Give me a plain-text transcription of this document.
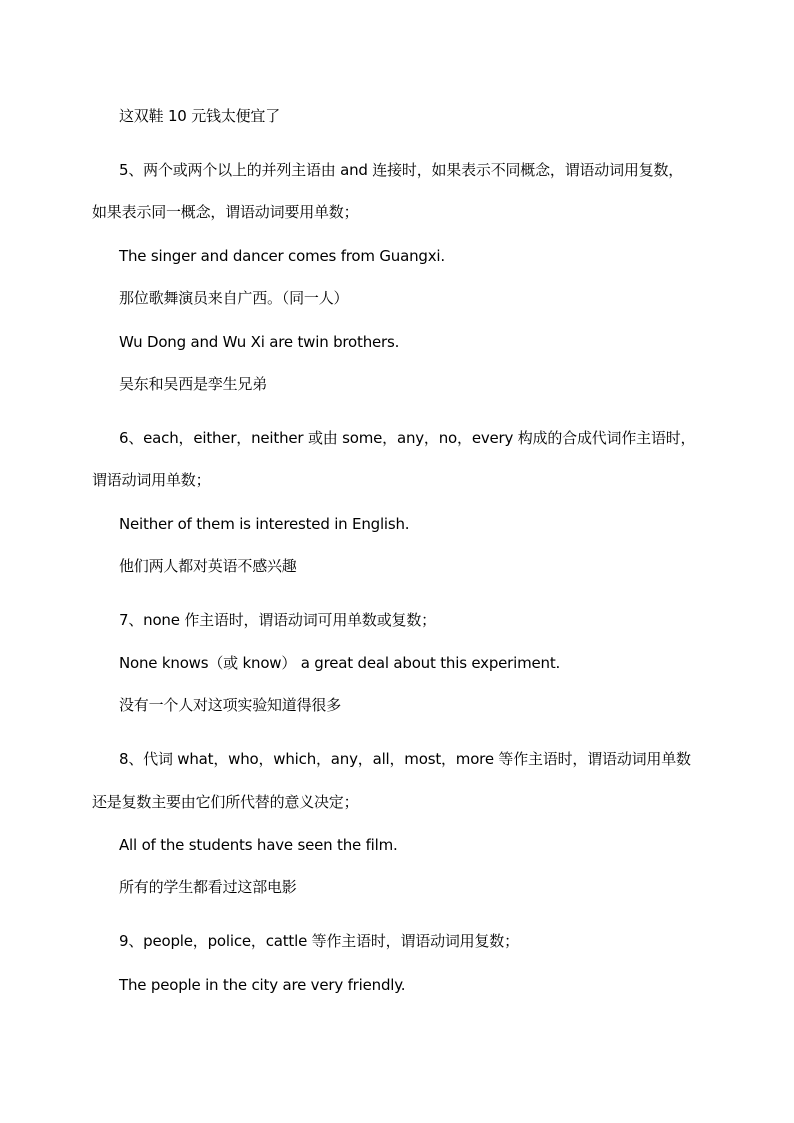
这双鞋 10 元钱太便宜了
5、两个或两个以上的并列主语由 and 连接时，如果表示不同概念，谓语动词用复数，
如果表示同一概念，谓语动词要用单数；
The singer and dancer comes from Guangxi.
那位歌舞演员来自广西。（同一人）
Wu Dong and Wu Xi are twin brothers.
吴东和吴西是孪生兄弟
6、each，either，neither 或由 some，any，no，every 构成的合成代词作主语时，
谓语动词用单数；
Neither of them is interested in English.
他们两人都对英语不感兴趣
7、none 作主语时，谓语动词可用单数或复数；
None knows（或 know） a great deal about this experiment.
没有一个人对这项实验知道得很多
8、代词 what，who，which，any，all，most，more 等作主语时，谓语动词用单数
还是复数主要由它们所代替的意义决定；
All of the students have seen the film.
所有的学生都看过这部电影
9、people，police，cattle 等作主语时，谓语动词用复数；
The people in the city are very friendly.
